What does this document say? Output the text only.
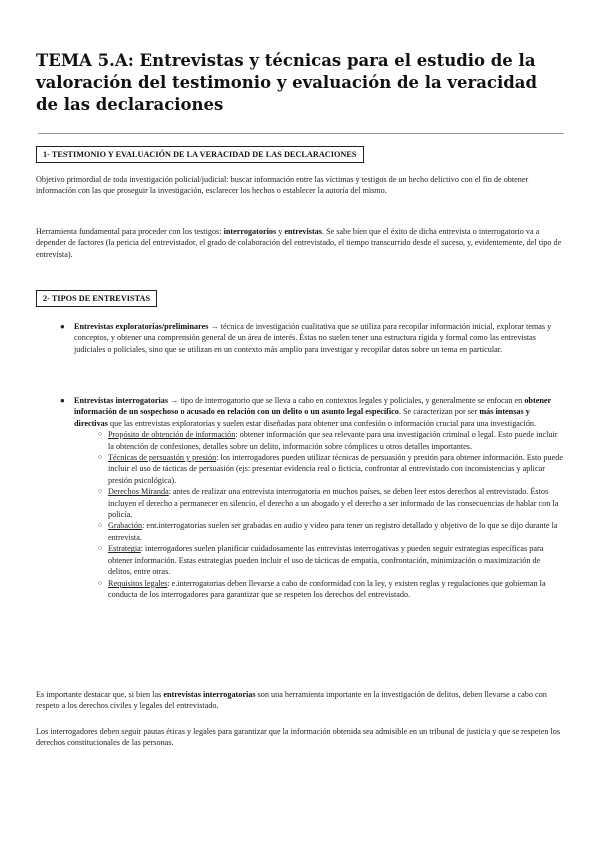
TEMA 5.A: Entrevistas y técnicas para el estudio de la valoración del testimonio y evaluación de la veracidad de las declaraciones
1- TESTIMONIO Y EVALUACIÓN DE LA VERACIDAD DE LAS DECLARACIONES

Objetivo primordial de toda investigación policial/judicial: buscar información entre las víctimas y testigos de un hecho delictivo con el fin de obtener información con las que proseguir la investigación, esclarecer los hechos o establecer la autoría del mismo.

Herramienta fundamental para proceder con los testigos: interrogatorios y entrevistas. Se sabe bien que el éxito de dicha entrevista o interrogatorio va a depender de factores (la pericia del entrevistador, el grado de colaboración del entrevistado, el tiempo transcurrido desde el suceso, y, evidentemente, del tipo de entrevista).

2- TIPOS DE ENTREVISTAS
● Entrevistas exploratorias/preliminares → técnica de investigación cualitativa que se utiliza para recopilar información inicial, explorar temas y conceptos, y obtener una comprensión general de un área de interés. Éstas no suelen tener una estructura rígida y formal como las entrevistas judiciales o policiales, sino que se utilizan en un contexto más amplio para investigar y recopilar datos sobre un tema en particular.
● Entrevistas interrogatorias → tipo de interrogatorio que se lleva a cabo en contextos legales y policiales, y generalmente se enfocan en obtener información de un sospechoso o acusado en relación con un delito o un asunto legal específico. Se caracterizan por ser más intensas y directivas que las entrevistas exploratorias y suelen estar diseñadas para obtener una confesión o información crucial para una investigación.
○ Propósito de obtención de información: obtener información que sea relevante para una investigación criminal o legal. Esto puede incluir la obtención de confesiones, detalles sobre un delito, información sobre cómplices u otros detalles importantes.
○ Técnicas de persuasión y presión: los interrogadores pueden utilizar técnicas de persuasión y presión para obtener información. Esto puede incluir el uso de tácticas de persuasión (ejs: presentar evidencia real o ficticia, confrontar al entrevistado con inconsistencias y aplicar presión psicológica).
○ Derechos Miranda: antes de realizar una entrevista interrogatoria en muchos países, se deben leer estos derechos al entrevistado. Éstos incluyen el derecho a permanecer en silencio, el derecho a un abogado y el derecho a ser informado de las consecuencias de hablar con la policía.
○ Grabación: ent.interrogatorias suelen ser grabadas en audio y video para tener un registro detallado y objetivo de lo que se dijo durante la entrevista.
○ Estrategia: interrogadores suelen planificar cuidadosamente las entrevistas interrogativas y pueden seguir estrategias específicas para obtener información. Estas estrategias pueden incluir el uso de tácticas de empatía, confrontación, minimización o maximización de delitos, entre otras.
○ Requisitos legales: e.interrogatorias deben llevarse a cabo de conformidad con la ley, y existen reglas y regulaciones que gobiernan la conducta de los interrogadores para garantizar que se respeten los derechos del entrevistado.

Es importante destacar que, si bien las entrevistas interrogatorias son una herramienta importante en la investigación de delitos, deben llevarse a cabo con respeto a los derechos civiles y legales del entrevistado.

Los interrogadores deben seguir pautas éticas y legales para garantizar que la información obtenida sea admisible en un tribunal de justicia y que se respeten los derechos constitucionales de las personas.
